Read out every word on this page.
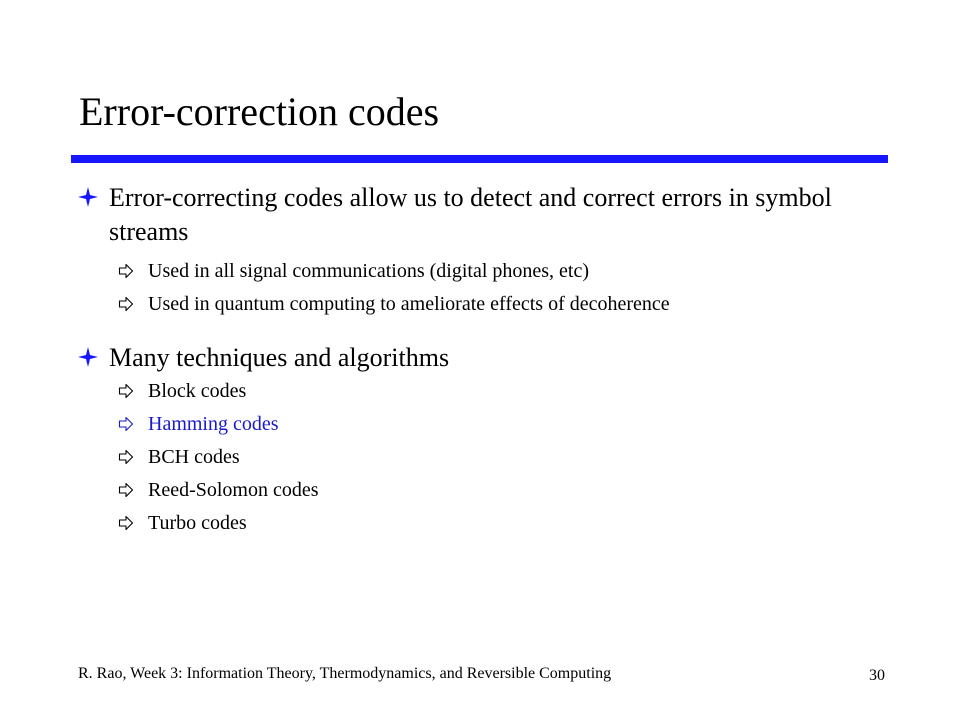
Error-correction codes
Error-correcting codes allow us to detect and correct errors in symbol streams
Used in all signal communications (digital phones, etc)
Used in quantum computing to ameliorate effects of decoherence
Many techniques and algorithms
Block codes
Hamming codes
BCH codes
Reed-Solomon codes
Turbo codes
R. Rao, Week 3: Information Theory, Thermodynamics, and Reversible Computing	30
